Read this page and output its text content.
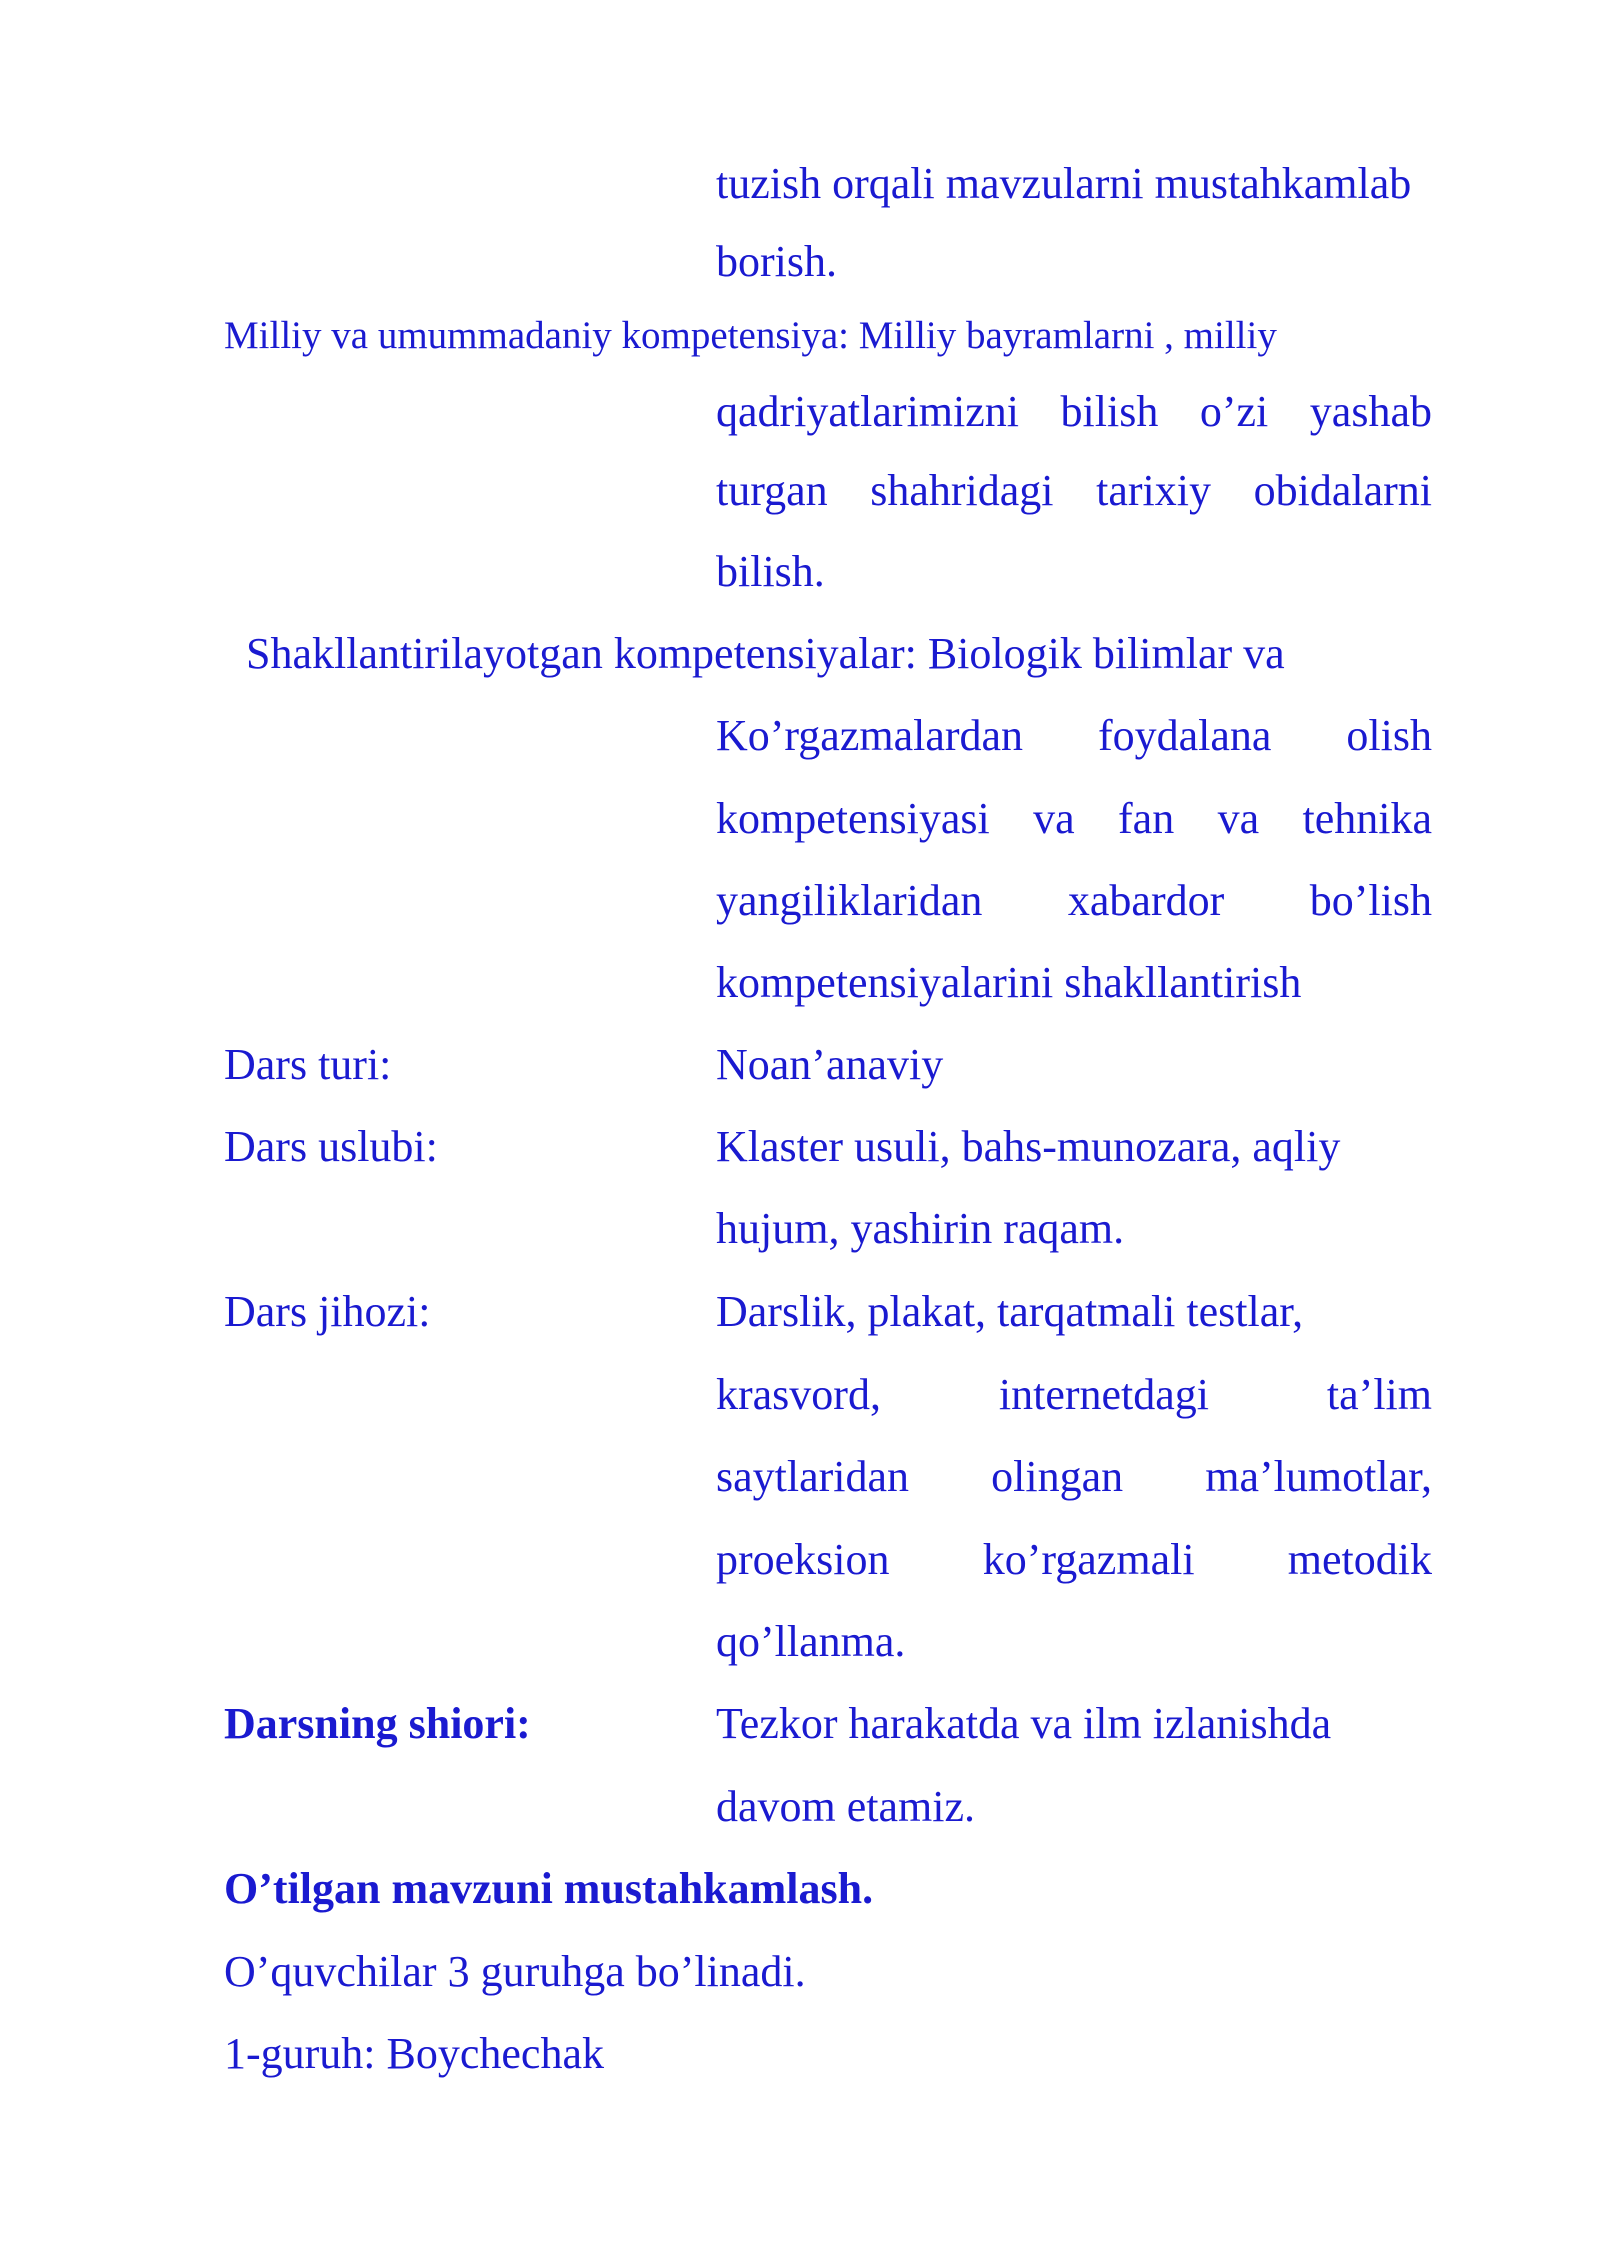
tuzish orqali mavzularni mustahkamlab
borish.
Milliy va umummadaniy kompetensiya: Milliy bayramlarni , milliy
qadriyatlarimizni bilish o’zi yashab
turgan shahridagi tarixiy obidalarni
bilish.
Shakllantirilayotgan kompetensiyalar: Biologik bilimlar va
Ko’rgazmalardan foydalana olish
kompetensiyasi va fan va tehnika
yangiliklaridan xabardor bo’lish
kompetensiyalarini shakllantirish
Dars turi:	Noan’anaviy
Dars uslubi:	Klaster usuli, bahs-munozara, aqliy
hujum, yashirin raqam.
Dars jihozi:	Darslik, plakat, tarqatmali testlar,
krasvord, internetdagi ta’lim
saytlaridan olingan ma’lumotlar,
proeksion ko’rgazmali metodik
qo’llanma.
Darsning shiori:	Tezkor harakatda va ilm izlanishda
davom etamiz.
O’tilgan mavzuni mustahkamlash.
O’quvchilar 3 guruhga bo’linadi.
1-guruh: Boychechak
